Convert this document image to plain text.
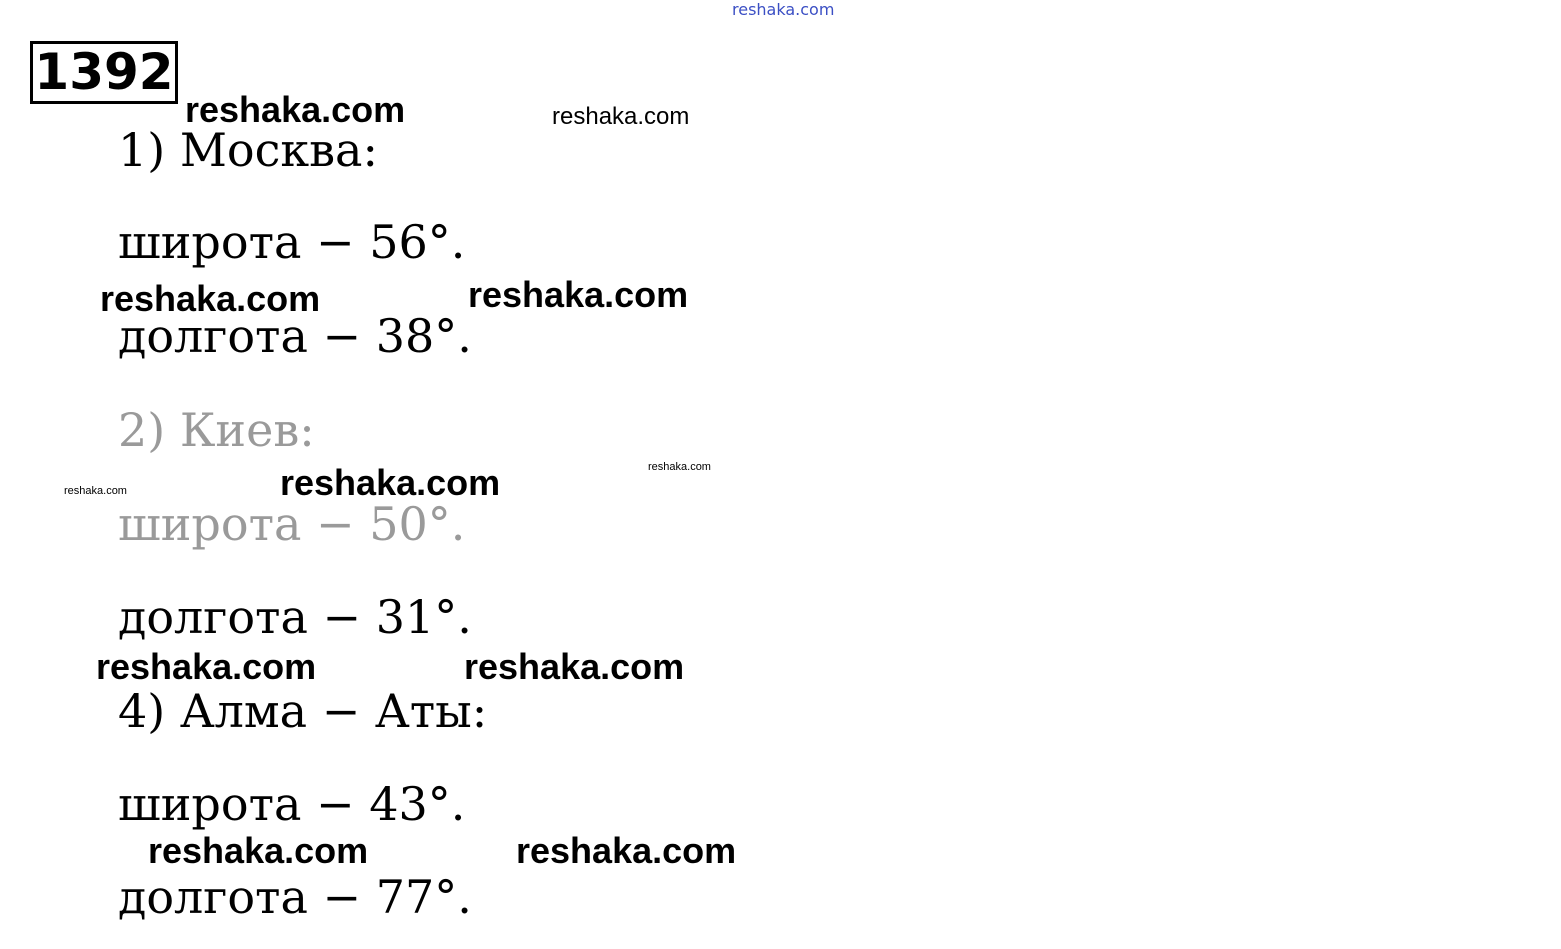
reshaka.com
1392
1) Москва:
широта − 56°.
долгота − 38°.
2) Киев:
широта − 50°.
долгота − 31°.
4) Алма − Аты:
широта − 43°.
долгота − 77°.
reshaka.com	reshaka.com
reshaka.com	reshaka.com
reshaka.com
reshaka.com	reshaka.com
reshaka.com	reshaka.com
reshaka.com	reshaka.com
